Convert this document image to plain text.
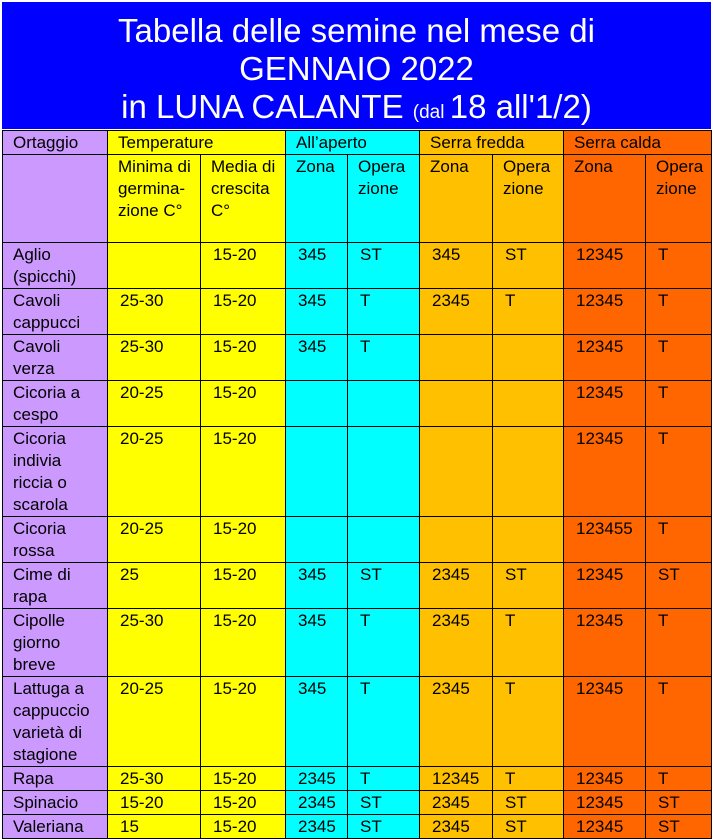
Tabella delle semine nel mese di
GENNAIO 2022
in LUNA CALANTE (dal 18 all'1/2)
Ortaggio	Temperature		All’aperto		Serra fredda		Serra calda	
	Minima di germina-zione C°	Media di crescita C°	Zona	Opera zione	Zona	Opera zione	Zona	Opera zione
Aglio (spicchi)		15-20	345	ST	345	ST	12345	T
Cavoli cappucci	25-30	15-20	345	T	2345	T	12345	T
Cavoli verza	25-30	15-20	345	T			12345	T
Cicoria a cespo	20-25	15-20					12345	T
Cicoria indivia riccia o scarola	20-25	15-20					12345	T
Cicoria rossa	20-25	15-20					123455	T
Cime di rapa	25	15-20	345	ST	2345	ST	12345	ST
Cipolle giorno breve	25-30	15-20	345	T	2345	T	12345	T
Lattuga a cappuccio varietà di stagione	20-25	15-20	345	T	2345	T	12345	T
Rapa	25-30	15-20	2345	T	12345	T	12345	T
Spinacio	15-20	15-20	2345	ST	2345	ST	12345	ST
Valeriana	15	15-20	2345	ST	2345	ST	12345	ST
